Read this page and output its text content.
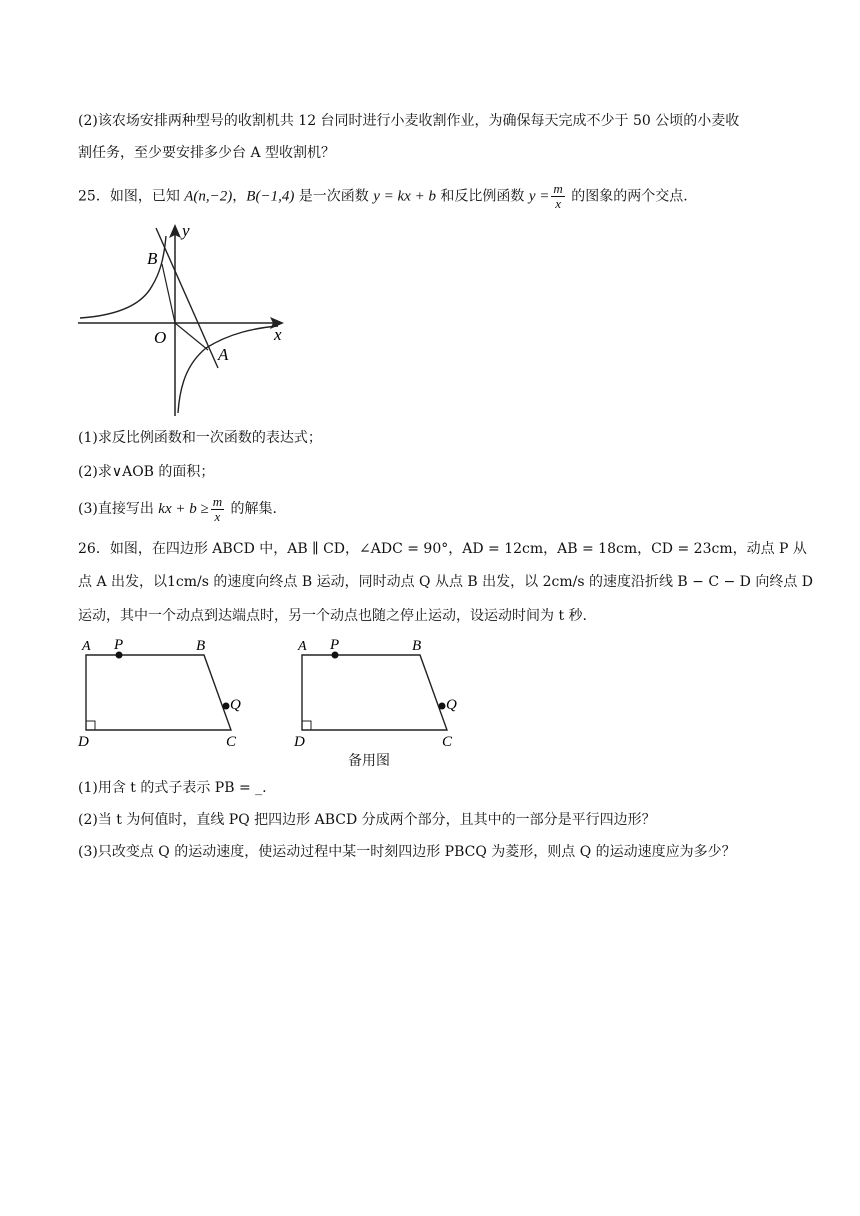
(2)该农场安排两种型号的收割机共 12 台同时进行小麦收割作业，为确保每天完成不少于 50 公顷的小麦收
割任务，至少要安排多少台 A 型收割机？
25．如图，已知 A(n,−2)，B(−1,4) 是一次函数 y = kx + b 和反比例函数 $y = \frac{m}{x}$ 的图象的两个交点.
y
x
O
A
B
(1)求反比例函数和一次函数的表达式；
(2)求∨AOB 的面积；
(3)直接写出 kx + $b \ge \frac{m}{x}$ 的解集.
26．如图，在四边形 ABCD 中，AB ∥ CD，∠ADC = 90°，AD = 12cm，AB = 18cm，CD = 23cm，动点 P 从
点 A 出发，以1cm/s 的速度向终点 B 运动，同时动点 Q 从点 B 出发，以 2cm/s 的速度沿折线 B − C − D 向终点 D
运动，其中一个动点到达端点时，另一个动点也随之停止运动，设运动时间为 t 秒.
A P	B
Q
D	C
A P	B
Q
D	C
备用图
(1)用含 t 的式子表示 PB = _.
(2)当 t 为何值时，直线 PQ 把四边形 ABCD 分成两个部分，且其中的一部分是平行四边形？
(3)只改变点 Q 的运动速度，使运动过程中某一时刻四边形 PBCQ 为菱形，则点 Q 的运动速度应为多少？
